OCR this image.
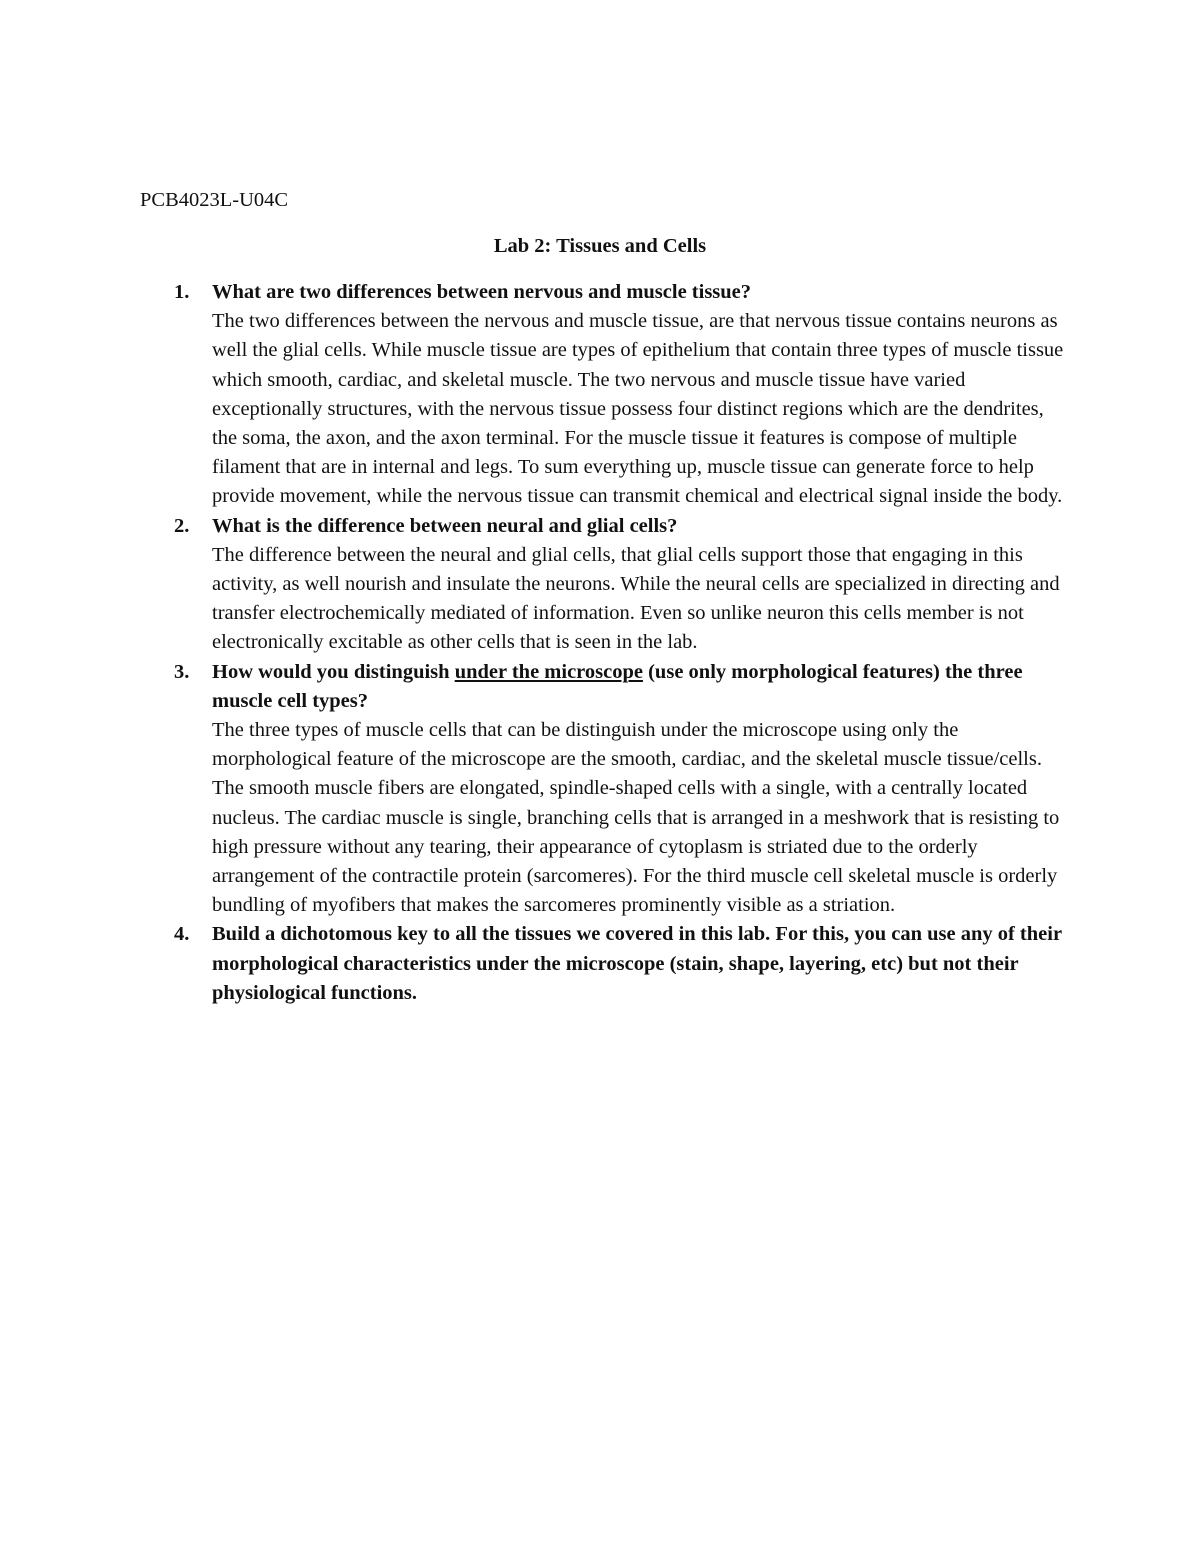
PCB4023L-U04C

Lab 2: Tissues and Cells
1. What are two differences between nervous and muscle tissue?
The two differences between the nervous and muscle tissue, are that nervous tissue contains neurons as well the glial cells. While muscle tissue are types of epithelium that contain three types of muscle tissue which smooth, cardiac, and skeletal muscle. The two nervous and muscle tissue have varied exceptionally structures, with the nervous tissue possess four distinct regions which are the dendrites, the soma, the axon, and the axon terminal. For the muscle tissue it features is compose of multiple filament that are in internal and legs. To sum everything up, muscle tissue can generate force to help provide movement, while the nervous tissue can transmit chemical and electrical signal inside the body.
2. What is the difference between neural and glial cells?
The difference between the neural and glial cells, that glial cells support those that engaging in this activity, as well nourish and insulate the neurons. While the neural cells are specialized in directing and transfer electrochemically mediated of information. Even so unlike neuron this cells member is not electronically excitable as other cells that is seen in the lab.
3. How would you distinguish under the microscope (use only morphological features) the three muscle cell types?
The three types of muscle cells that can be distinguish under the microscope using only the morphological feature of the microscope are the smooth, cardiac, and the skeletal muscle tissue/cells. The smooth muscle fibers are elongated, spindle-shaped cells with a single, with a centrally located nucleus. The cardiac muscle is single, branching cells that is arranged in a meshwork that is resisting to high pressure without any tearing, their appearance of cytoplasm is striated due to the orderly arrangement of the contractile protein (sarcomeres). For the third muscle cell skeletal muscle is orderly bundling of myofibers that makes the sarcomeres prominently visible as a striation.
4. Build a dichotomous key to all the tissues we covered in this lab. For this, you can use any of their morphological characteristics under the microscope (stain, shape, layering, etc) but not their physiological functions.
